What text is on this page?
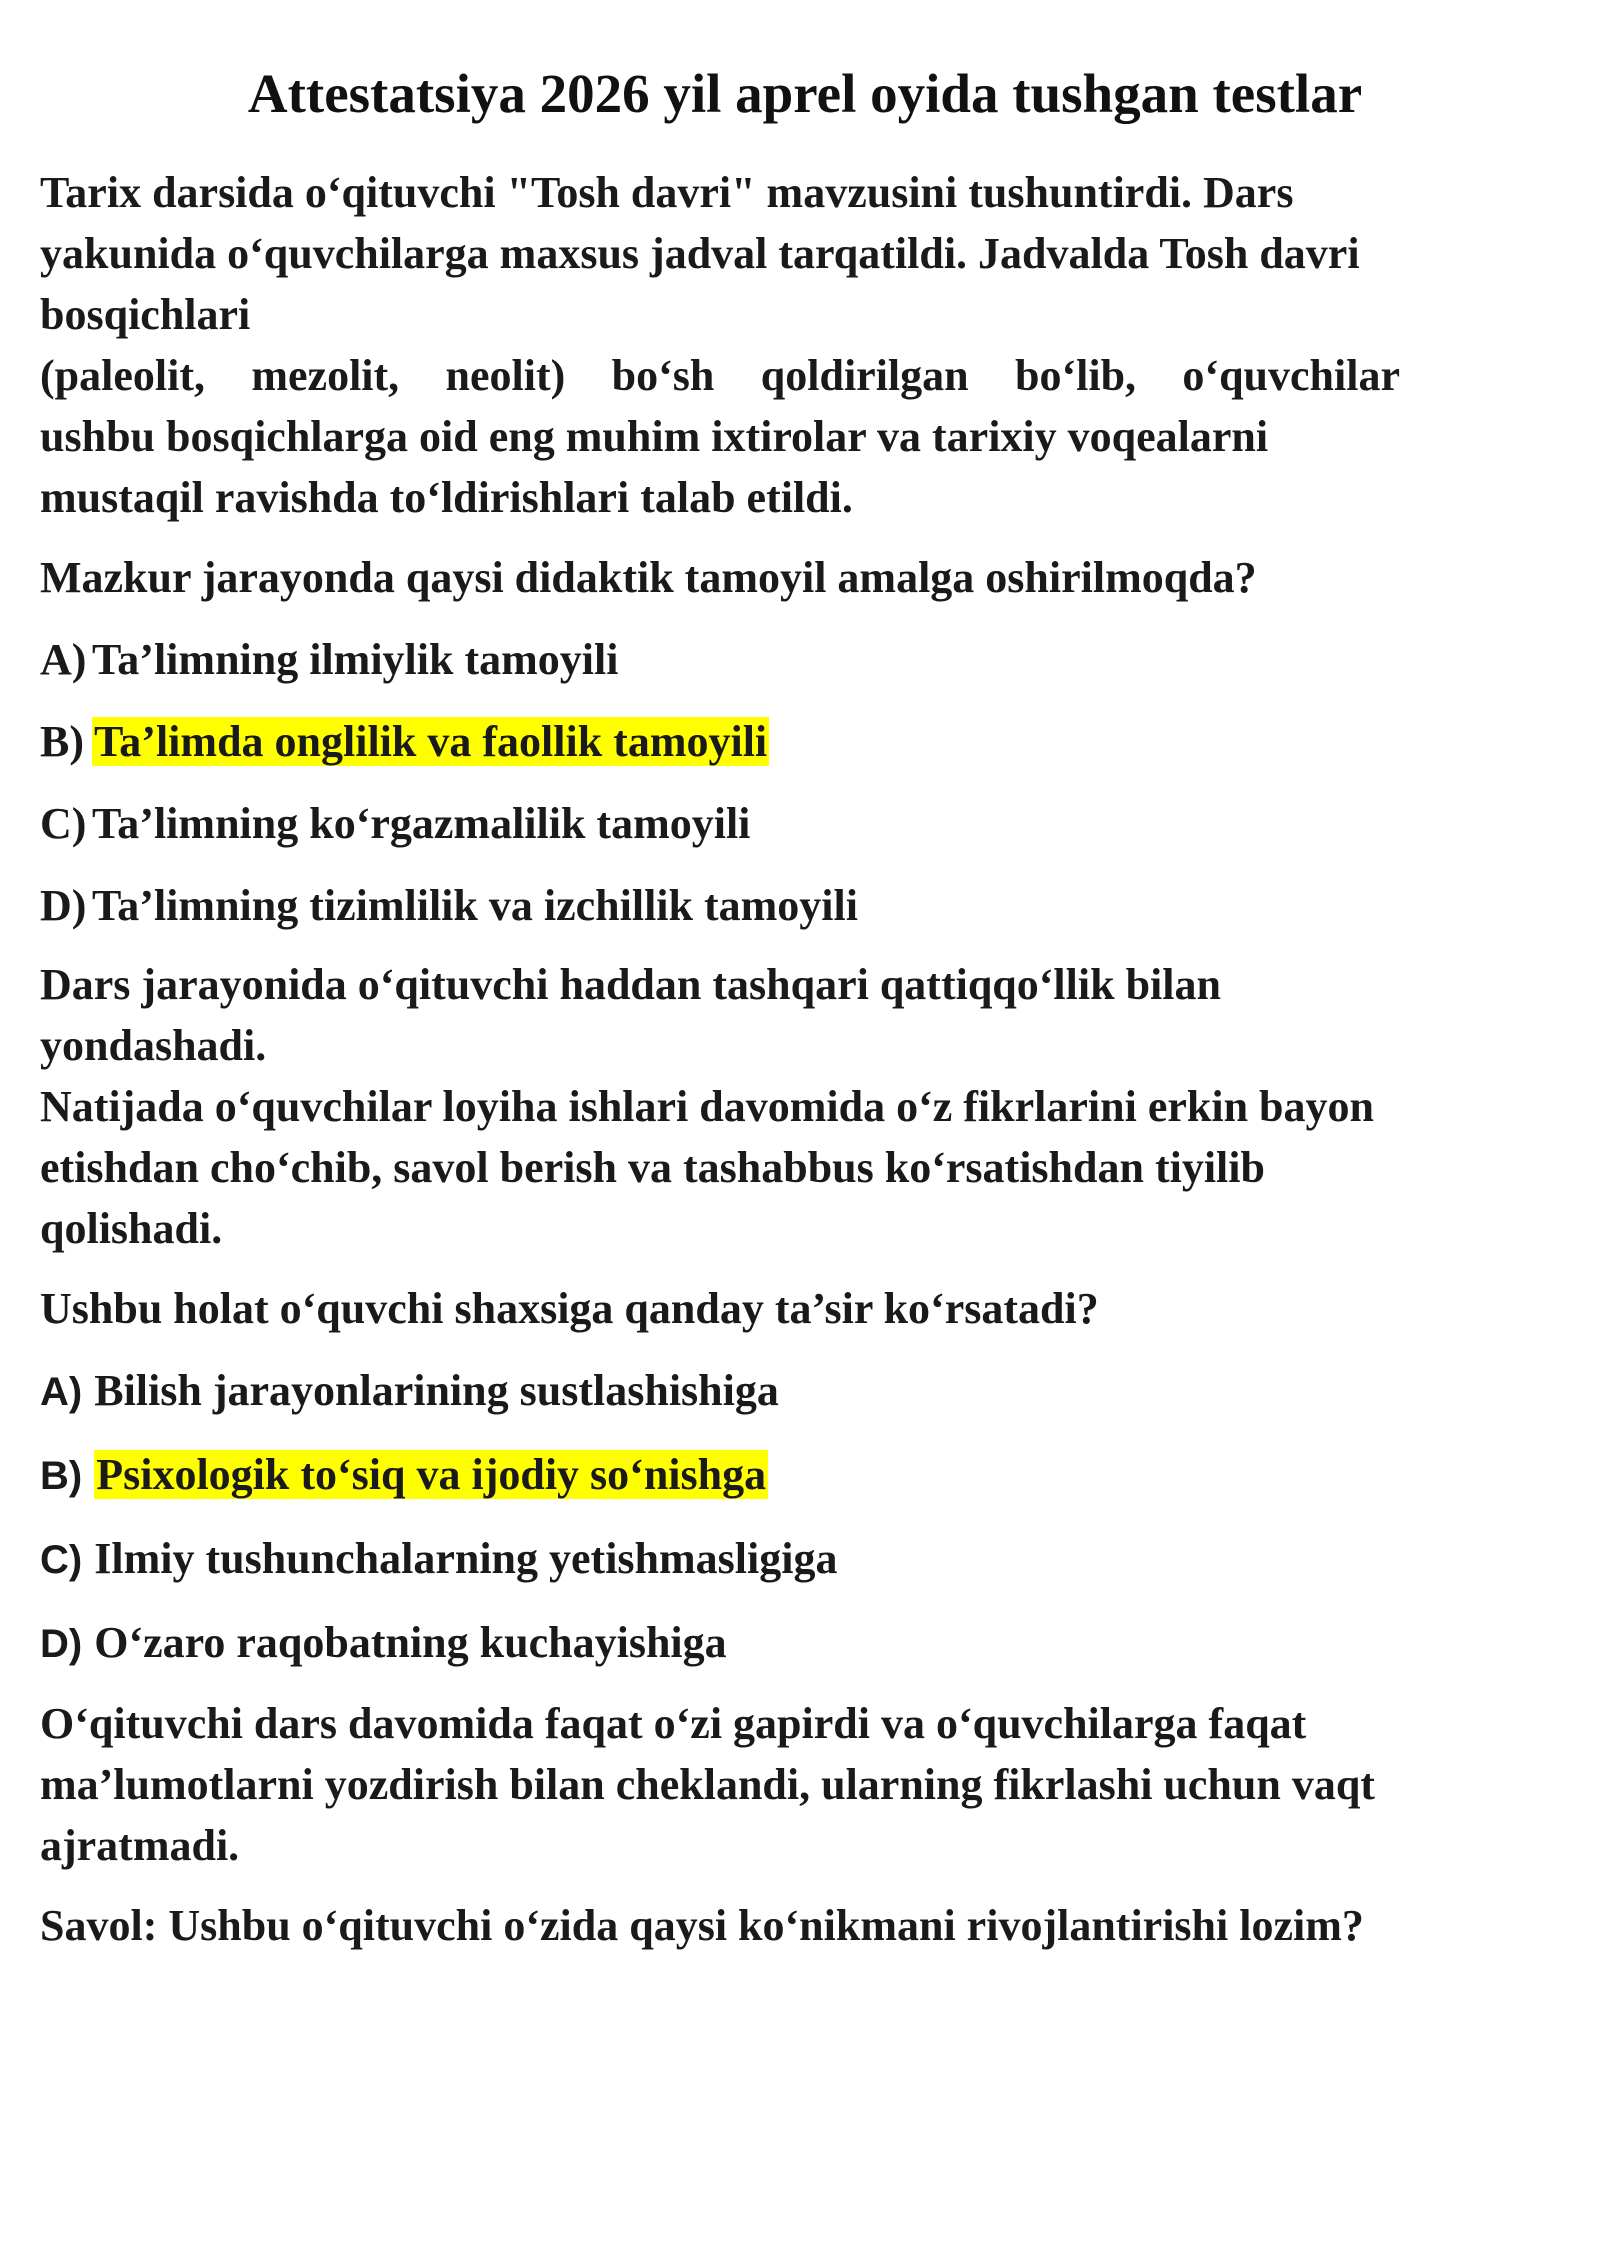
Attestatsiya 2026 yil aprel oyida tushgan testlar
Tarix darsida o‘qituvchi "Tosh davri" mavzusini tushuntirdi. Dars
yakunida o‘quvchilarga maxsus jadval tarqatildi. Jadvalda Tosh davri
bosqichlari
(paleolit, mezolit, neolit) bo‘sh qoldirilgan bo‘lib, o‘quvchilar
ushbu bosqichlarga oid eng muhim ixtirolar va tarixiy voqealarni
mustaqil ravishda to‘ldirishlari talab etildi.
Mazkur jarayonda qaysi didaktik tamoyil amalga oshirilmoqda?
A) Ta’limning ilmiylik tamoyili
B) Ta’limda onglilik va faollik tamoyili
C) Ta’limning ko‘rgazmalilik tamoyili
D) Ta’limning tizimlilik va izchillik tamoyili
Dars jarayonida o‘qituvchi haddan tashqari qattiqqo‘llik bilan
yondashadi.
Natijada o‘quvchilar loyiha ishlari davomida o‘z fikrlarini erkin bayon
etishdan cho‘chib, savol berish va tashabbus ko‘rsatishdan tiyilib
qolishadi.
Ushbu holat o‘quvchi shaxsiga qanday ta’sir ko‘rsatadi?
A) Bilish jarayonlarining sustlashishiga
B) Psixologik to‘siq va ijodiy so‘nishga
C) Ilmiy tushunchalarning yetishmasligiga
D) O‘zaro raqobatning kuchayishiga
O‘qituvchi dars davomida faqat o‘zi gapirdi va o‘quvchilarga faqat
ma’lumotlarni yozdirish bilan cheklandi, ularning fikrlashi uchun vaqt
ajratmadi.
Savol: Ushbu o‘qituvchi o‘zida qaysi ko‘nikmani rivojlantirishi lozim?
